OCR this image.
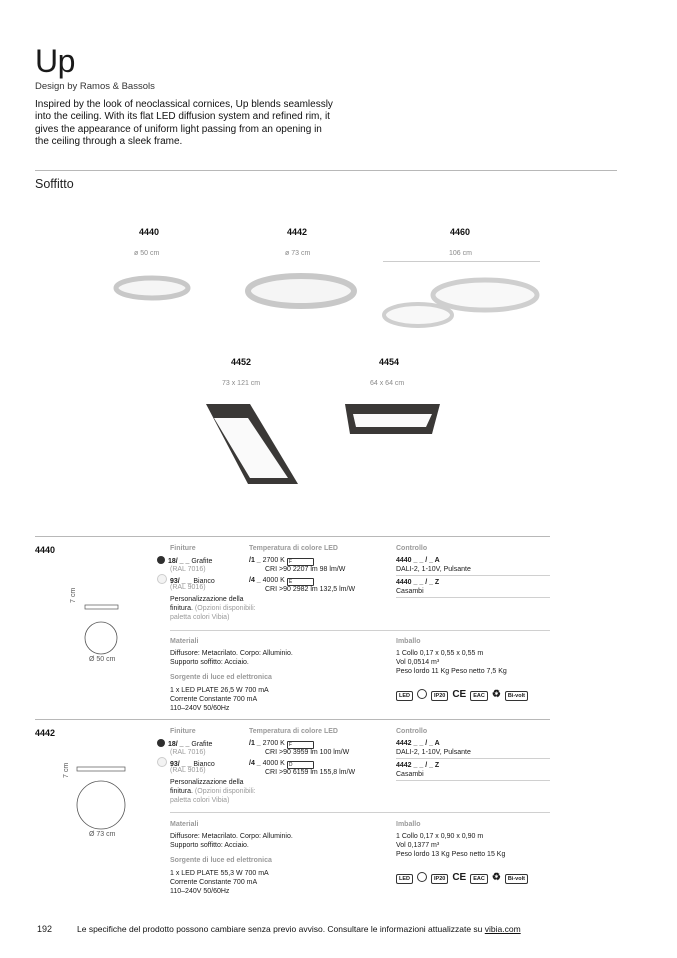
Up
Design by Ramos & Bassols
Inspired by the look of neoclassical cornices, Up blends seamlessly into the ceiling. With its flat LED diffusion system and refined rim, it gives the appearance of uniform light passing from an opening in the ceiling through a sleek frame.
Soffitto
4440
ø 50 cm
4442
ø 73 cm
4460
106 cm
4452
73 x 121 cm
4454
64 x 64 cm
4440
7 cm
Ø 50 cm
Finiture
18/ _ _ Grafite
(RAL 7016)
93/ _ _ Bianco
(RAL 9016)
Personalizzazione della
finitura. (Opzioni disponibili:
paletta colori Vibia)
Temperatura di colore LED
/1 _ 2700 K F
CRI >90 2207 lm 98 lm/W
/4 _ 4000 K E
CRI >90 2982 lm 132,5 lm/W
Controllo
4440 _ _ / _ A
DALI-2, 1-10V, Pulsante
4440 _ _ / _ Z
Casambi
Materiali
Diffusore: Metacrilato. Corpo: Alluminio.
Supporto soffitto: Acciaio.
Sorgente di luce ed elettronica
1 x LED PLATE 26,5 W 700 mA
Corrente Constante 700 mA
110–240V 50/60Hz
Imballo
1 Collo 0,17 x 0,55 x 0,55 m
Vol 0,0514 m³
Peso lordo 11 Kg Peso netto 7,5 Kg
LED	IP20 CE EAC ♻ Bi-volt
4442
7 cm
Ø 73 cm
Finiture
18/ _ _ Grafite
(RAL 7016)
93/ _ _ Bianco
(RAL 9016)
Personalizzazione della
finitura. (Opzioni disponibili:
paletta colori Vibia)
Temperatura di colore LED
/1 _ 2700 K F
CRI >90 3959 lm 100 lm/W
/4 _ 4000 K D
CRI >90 6159 lm 155,8 lm/W
Controllo
4442 _ _ / _ A
DALI-2, 1-10V, Pulsante
4442 _ _ / _ Z
Casambi
Materiali
Diffusore: Metacrilato. Corpo: Alluminio.
Supporto soffitto: Acciaio.
Sorgente di luce ed elettronica
1 x LED PLATE 55,3 W 700 mA
Corrente Constante 700 mA
110–240V 50/60Hz
Imballo
1 Collo 0,17 x 0,90 x 0,90 m
Vol 0,1377 m³
Peso lordo 13 Kg Peso netto 15 Kg
LED	IP20 CE EAC ♻ Bi-volt
192	Le specifiche del prodotto possono cambiare senza previo avviso. Consultare le informazioni attualizzate su vibia.com
